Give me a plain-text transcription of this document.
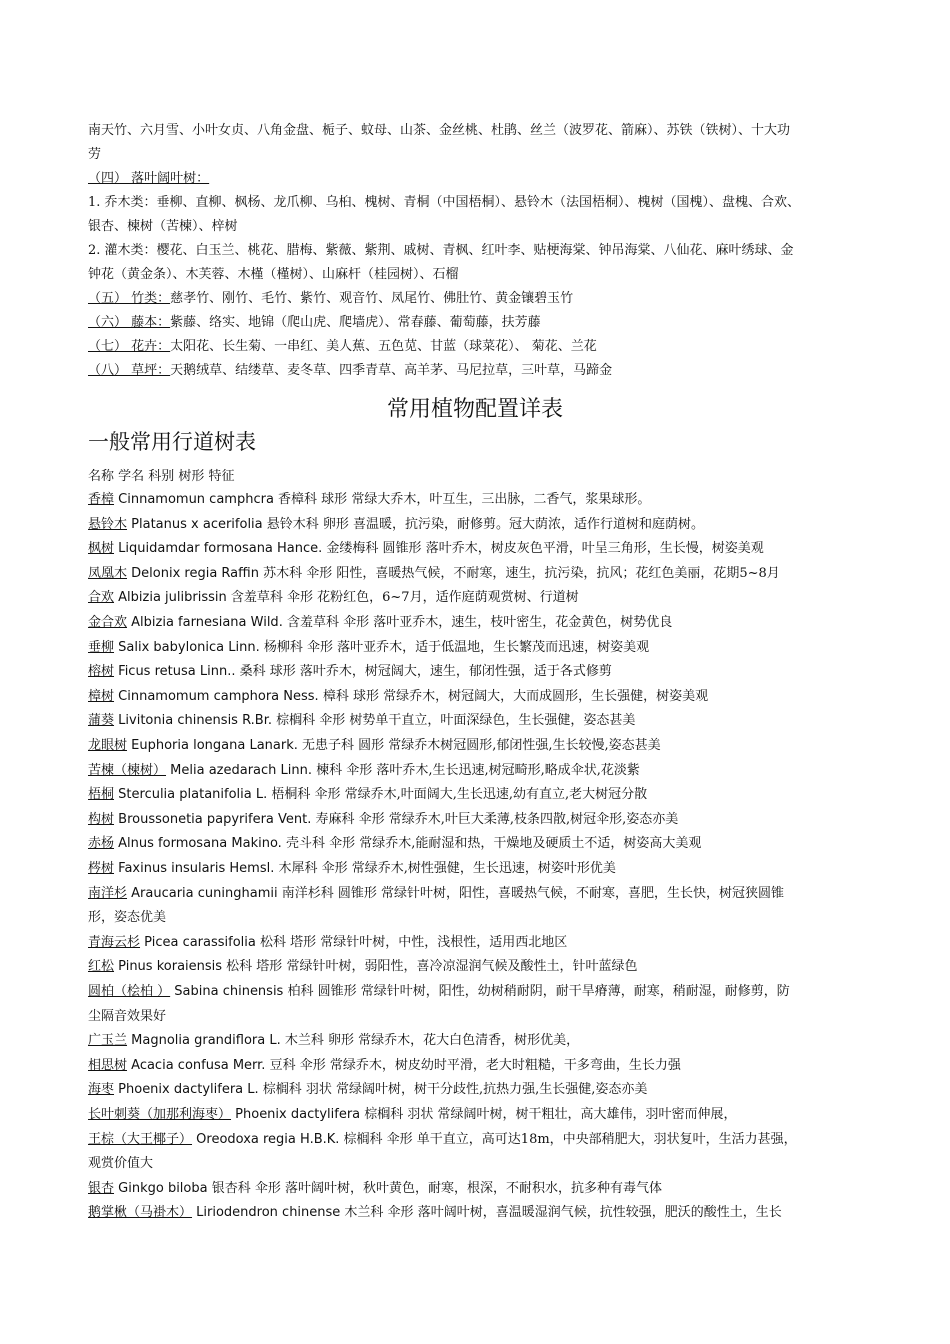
南天竹、六月雪、小叶女贞、八角金盘、栀子、蚊母、山茶、金丝桃、杜鹃、丝兰（波罗花、箭麻）、苏铁（铁树）、十大功
劳
（四） 落叶阔叶树：
1. 乔木类：垂柳、直柳、枫杨、龙爪柳、乌桕、槐树、青桐（中国梧桐）、悬铃木（法国梧桐）、槐树（国槐）、盘槐、合欢、
银杏、楝树（苦楝）、梓树
2. 灌木类：樱花、白玉兰、桃花、腊梅、紫薇、紫荆、戚树、青枫、红叶李、贴梗海棠、钟吊海棠、八仙花、麻叶绣球、金
钟花（黄金条）、木芙蓉、木槿（槿树）、山麻杆（桂园树）、石榴
（五） 竹类：慈孝竹、刚竹、毛竹、紫竹、观音竹、凤尾竹、佛肚竹、黄金镶碧玉竹
（六） 藤本：紫藤、络实、地锦（爬山虎、爬墙虎）、常春藤、葡萄藤，扶芳藤
（七） 花卉：太阳花、长生菊、一串红、美人蕉、五色苋、甘蓝（球菜花）、 菊花、兰花
（八） 草坪：天鹅绒草、结缕草、麦冬草、四季青草、高羊茅、马尼拉草，三叶草，马蹄金
常用植物配置详表
一般常用行道树表
名称 学名 科别 树形 特征
香樟 Cinnamomun camphcra 香樟科 球形 常绿大乔木，叶互生，三出脉，二香气，浆果球形。
悬铃木 Platanus x acerifolia 悬铃木科 卵形 喜温暖，抗污染，耐修剪。冠大荫浓，适作行道树和庭荫树。
枫树 Liquidamdar formosana Hance. 金缕梅科 圆锥形 落叶乔木，树皮灰色平滑，叶呈三角形，生长慢，树姿美观
凤凰木 Delonix regia Raffin 苏木科 伞形 阳性，喜暖热气候，不耐寒，速生，抗污染，抗风；花红色美丽，花期5~8月
合欢 Albizia julibrissin 含羞草科 伞形 花粉红色，6~7月，适作庭荫观赏树、行道树
金合欢 Albizia farnesiana Wild. 含羞草科 伞形 落叶亚乔木，速生，枝叶密生，花金黄色，树势优良
垂柳 Salix babylonica Linn. 杨柳科 伞形 落叶亚乔木，适于低温地，生长繁茂而迅速，树姿美观
榕树 Ficus retusa Linn.. 桑科 球形 落叶乔木，树冠阔大，速生，郁闭性强，适于各式修剪
樟树 Cinnamomum camphora Ness. 樟科 球形 常绿乔木，树冠阔大，大而成圆形，生长强健，树姿美观
蒲葵 Livitonia chinensis R.Br. 棕榈科 伞形 树势单干直立，叶面深绿色，生长强健，姿态甚美
龙眼树 Euphoria longana Lanark. 无患子科 圆形 常绿乔木树冠圆形,郁闭性强,生长较慢,姿态甚美
苦楝（楝树） Melia azedarach Linn. 楝科 伞形 落叶乔木,生长迅速,树冠畸形,略成伞状,花淡紫
梧桐 Sterculia platanifolia L. 梧桐科 伞形 常绿乔木,叶面阔大,生长迅速,幼有直立,老大树冠分散
构树 Broussonetia papyrifera Vent. 寿麻科 伞形 常绿乔木,叶巨大柔薄,枝条四散,树冠伞形,姿态亦美
赤杨 Alnus formosana Makino. 壳斗科 伞形 常绿乔木,能耐湿和热，干燥地及硬质土不适，树姿高大美观
梣树 Faxinus insularis Hemsl. 木犀科 伞形 常绿乔木,树性强健，生长迅速，树姿叶形优美
南洋杉 Araucaria cuninghamii 南洋杉科 圆锥形 常绿针叶树，阳性，喜暖热气候，不耐寒，喜肥，生长快，树冠狭圆锥
形，姿态优美
青海云杉 Picea carassifolia 松科 塔形 常绿针叶树，中性，浅根性，适用西北地区
红松 Pinus koraiensis 松科 塔形 常绿针叶树，弱阳性，喜冷凉湿润气候及酸性土，针叶蓝绿色
圆柏（桧柏 ） Sabina chinensis 柏科 圆锥形 常绿针叶树，阳性，幼树稍耐阴，耐干旱瘠薄，耐寒，稍耐湿，耐修剪，防
尘隔音效果好
广玉兰 Magnolia grandiflora L. 木兰科 卵形 常绿乔木，花大白色清香，树形优美，
相思树 Acacia confusa Merr. 豆科 伞形 常绿乔木，树皮幼时平滑，老大时粗糙，干多弯曲，生长力强
海枣 Phoenix dactylifera L. 棕榈科 羽状 常绿阔叶树，树干分歧性,抗热力强,生长强健,姿态亦美
长叶刺葵（加那利海枣） Phoenix dactylifera 棕榈科 羽状 常绿阔叶树，树干粗壮，高大雄伟，羽叶密而伸展，
王棕（大王椰子） Oreodoxa regia H.B.K. 棕榈科 伞形 单干直立，高可达18m，中央部稍肥大，羽状复叶，生活力甚强，
观赏价值大
银杏 Ginkgo biloba 银杏科 伞形 落叶阔叶树，秋叶黄色，耐寒，根深，不耐积水，抗多种有毒气体
鹅掌楸（马褂木） Liriodendron chinense 木兰科 伞形 落叶阔叶树，喜温暖湿润气候，抗性较强，肥沃的酸性土，生长
